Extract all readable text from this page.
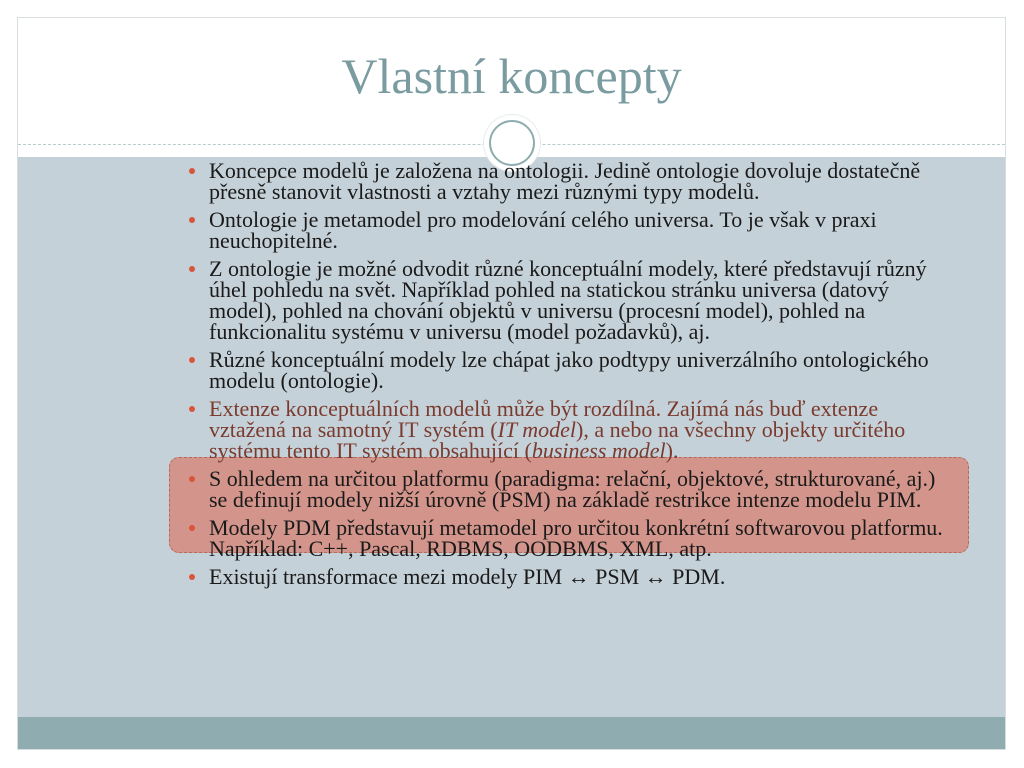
Vlastní koncepty
Koncepce modelů je založena na ontologii. Jedině ontologie dovoluje dostatečně přesně stanovit vlastnosti a vztahy mezi různými typy modelů.
Ontologie je metamodel pro modelování celého universa. To je však v praxi neuchopitelné.
Z ontologie je možné odvodit různé konceptuální modely, které představují různý úhel pohledu na svět. Například pohled na statickou stránku universa (datový model), pohled na chování objektů v universu (procesní model), pohled na funkcionalitu systému v universu (model požadavků), aj.
Různé konceptuální modely lze chápat jako podtypy univerzálního ontologického modelu (ontologie).
Extenze konceptuálních modelů může být rozdílná. Zajímá nás buď extenze vztažená na samotný IT systém (IT model), a nebo na všechny objekty určitého systému tento IT systém obsahující (business model).
S ohledem na určitou platformu (paradigma: relační, objektové, strukturované, aj.) se definují modely nižší úrovně (PSM) na základě restrikce intenze modelu PIM.
Modely PDM představují metamodel pro určitou konkrétní softwarovou platformu. Například: C++, Pascal, RDBMS, OODBMS, XML, atp.
Existují transformace mezi modely PIM ↔ PSM ↔ PDM.
